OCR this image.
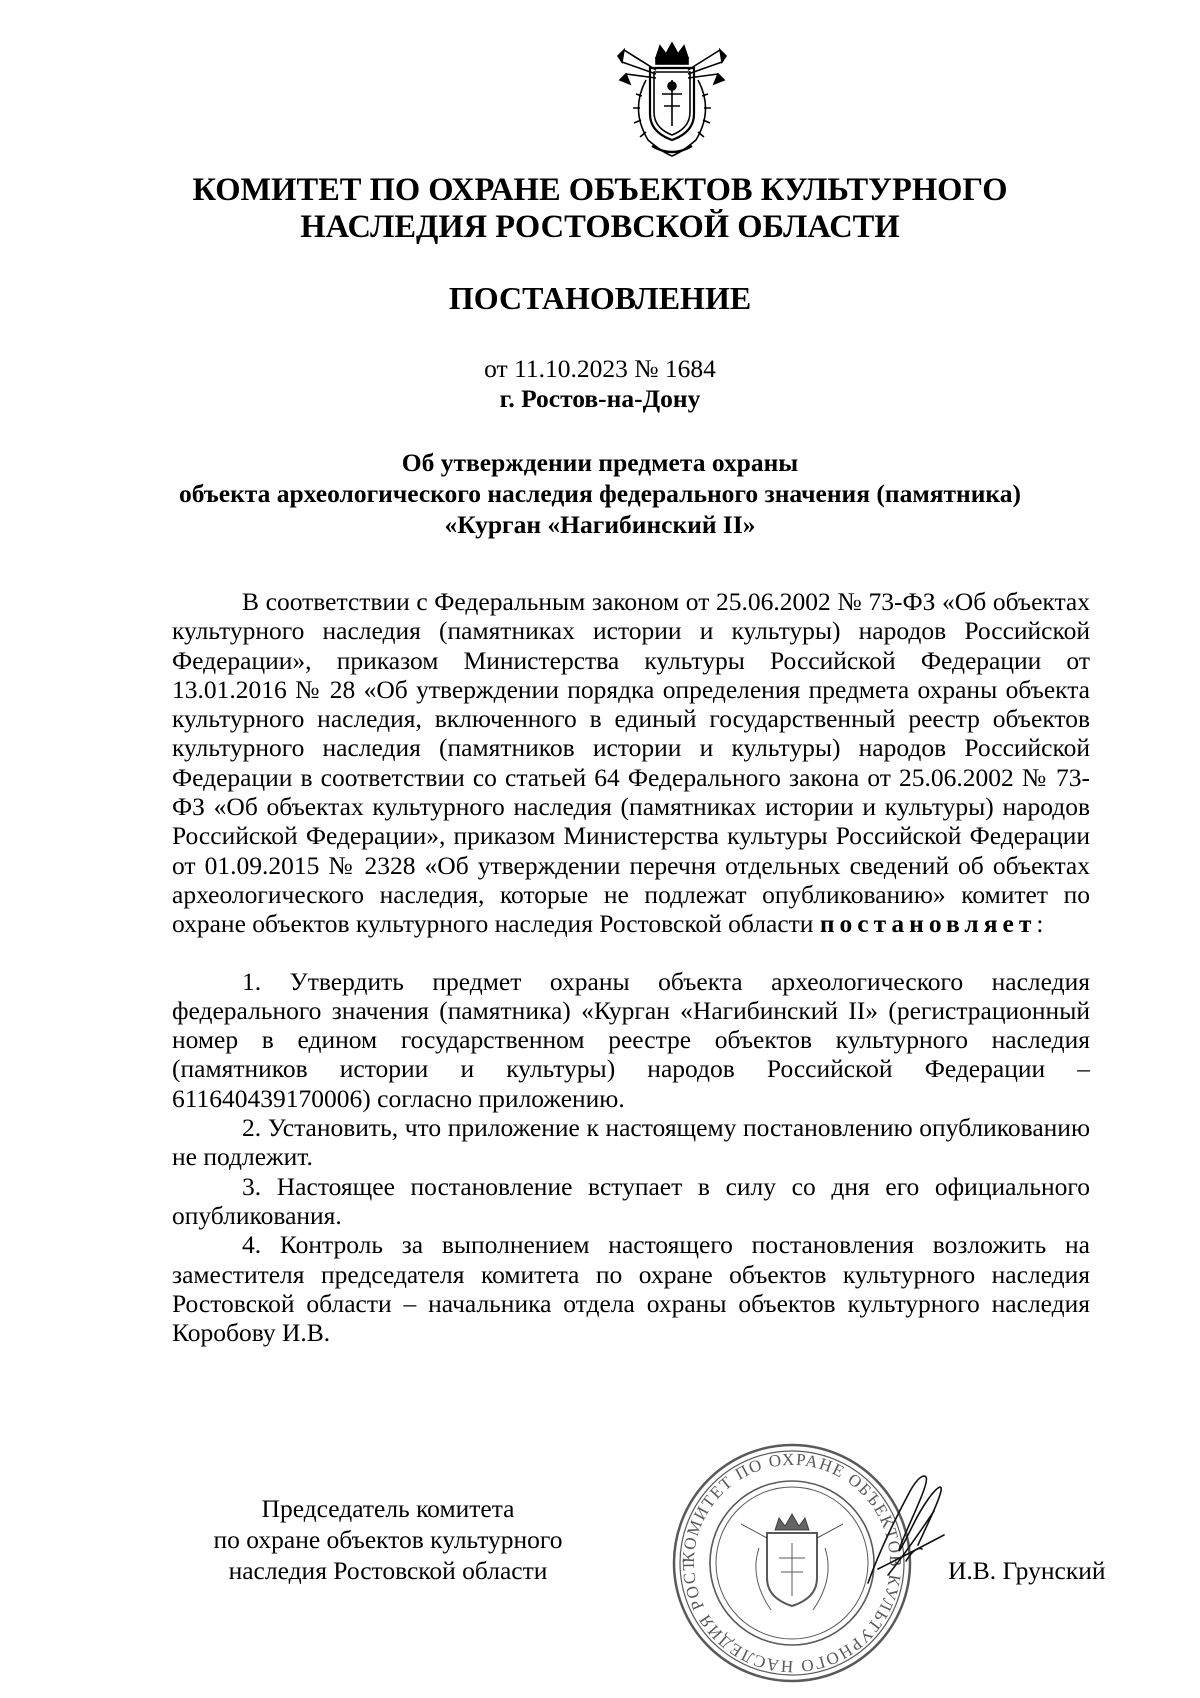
КОМИТЕТ ПО ОХРАНЕ ОБЪЕКТОВ КУЛЬТУРНОГО
НАСЛЕДИЯ РОСТОВСКОЙ ОБЛАСТИ
ПОСТАНОВЛЕНИЕ
от 11.10.2023 № 1684
г. Ростов-на-Дону
Об утверждении предмета охраны
объекта археологического наследия федерального значения (памятника)
«Курган «Нагибинский II»

В соответствии с Федеральным законом от 25.06.2002 № 73-ФЗ «Об объектах культурного наследия (памятниках истории и культуры) народов Российской Федерации», приказом Министерства культуры Российской Федерации от 13.01.2016 № 28 «Об утверждении порядка определения предмета охраны объекта культурного наследия, включенного в единый государственный реестр объектов культурного наследия (памятников истории и культуры) народов Российской Федерации в соответствии со статьей 64 Федерального закона от 25.06.2002 № 73-ФЗ «Об объектах культурного наследия (памятниках истории и культуры) народов Российской Федерации», приказом Министерства культуры Российской Федерации от 01.09.2015 № 2328 «Об утверждении перечня отдельных сведений об объектах археологического наследия, которые не подлежат опубликованию» комитет по охране объектов культурного наследия Ростовской области постановляет:

1. Утвердить предмет охраны объекта археологического наследия федерального значения (памятника) «Курган «Нагибинский II» (регистрационный номер в едином государственном реестре объектов культурного наследия (памятников истории и культуры) народов Российской Федерации – 611640439170006) согласно приложению.

2. Установить, что приложение к настоящему постановлению опубликованию не подлежит.

3. Настоящее постановление вступает в силу со дня его официального опубликования.

4. Контроль за выполнением настоящего постановления возложить на заместителя председателя комитета по охране объектов культурного наследия Ростовской области – начальника отдела охраны объектов культурного наследия Коробову И.В.

КОМИТЕТ ПО ОХРАНЕ ОБЪЕКТОВ КУЛЬТУРНОГО НАСЛЕДИЯ РОСТ
Председатель комитета
по охране объектов культурного
наследия Ростовской области	И.В. Грунский
